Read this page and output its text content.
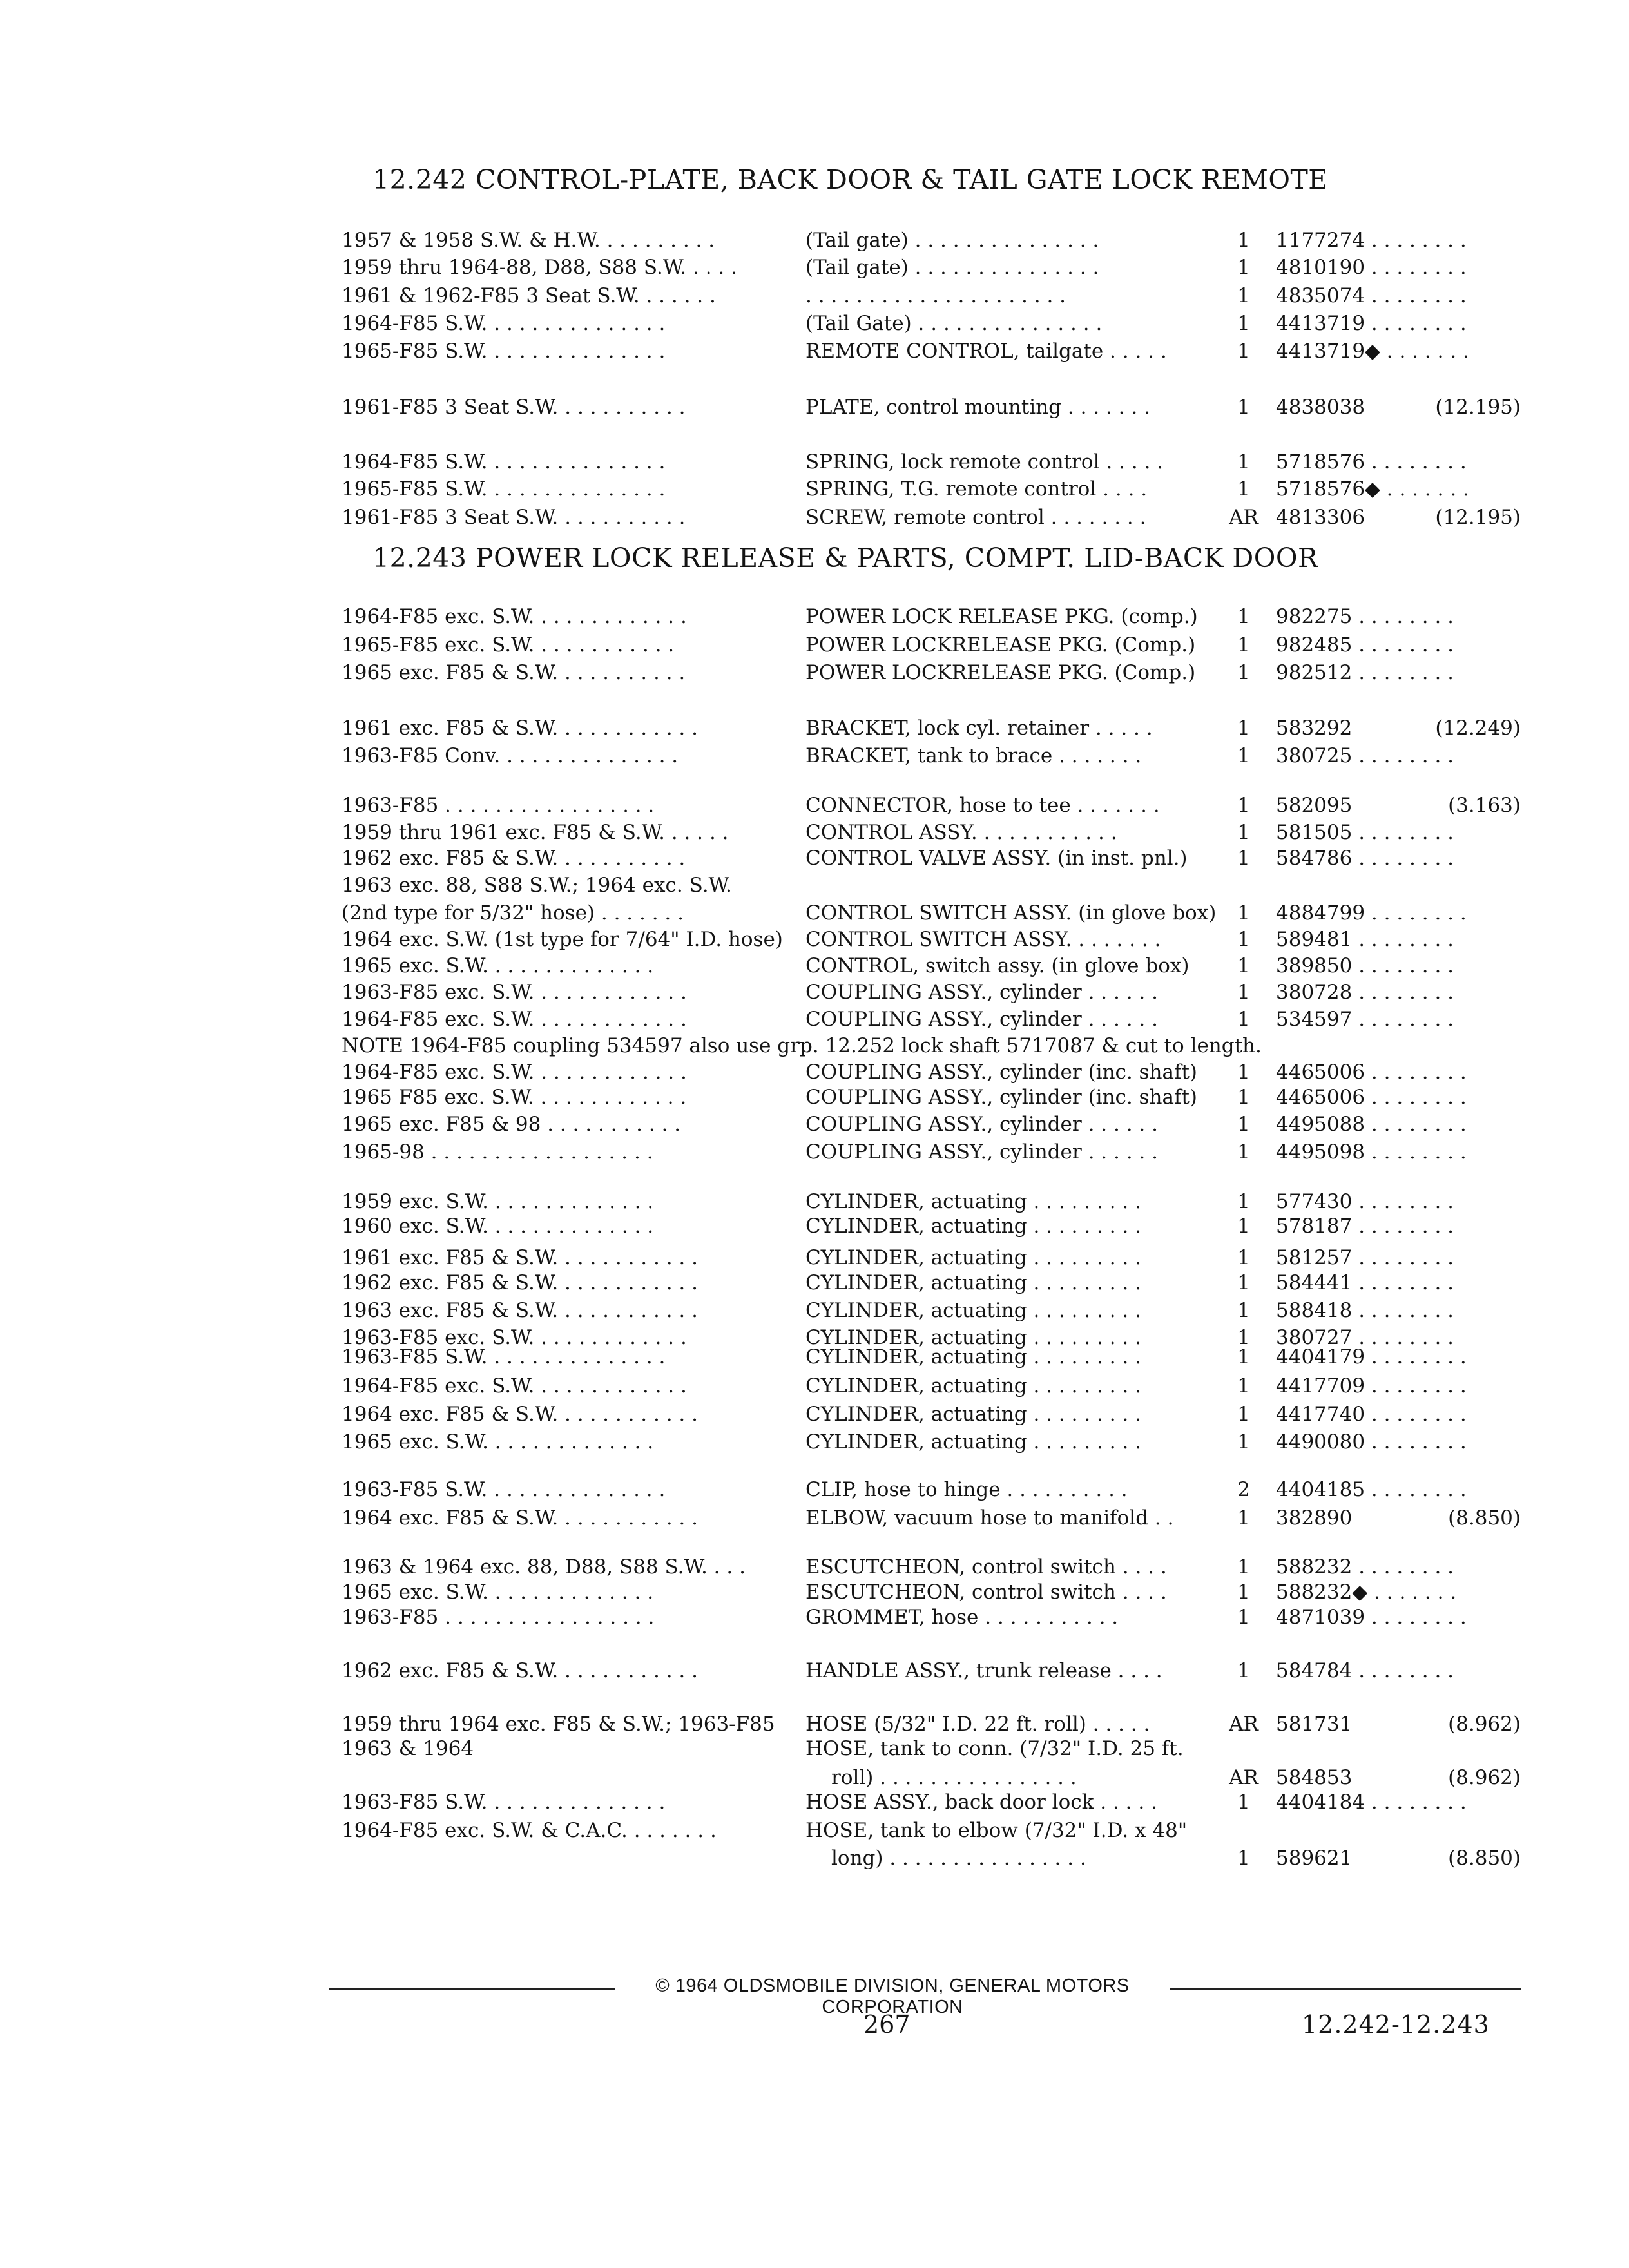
12.242 CONTROL-PLATE, BACK DOOR & TAIL GATE LOCK REMOTE
1957 & 1958 S.W. & H.W. . . . . . . . . .	(Tail gate) . . . . . . . . . . . . . . .	1	1177274 . . . . . . . .
1959 thru 1964-88, D88, S88 S.W. . . . .	(Tail gate) . . . . . . . . . . . . . . .	1	4810190 . . . . . . . .
1961 & 1962-F85 3 Seat S.W. . . . . . .	. . . . . . . . . . . . . . . . . . . . .	1	4835074 . . . . . . . .
1964-F85 S.W. . . . . . . . . . . . . . .	(Tail Gate) . . . . . . . . . . . . . . .	1	4413719 . . . . . . . .
1965-F85 S.W. . . . . . . . . . . . . . .	REMOTE CONTROL, tailgate . . . . .	1	4413719◆ . . . . . . .
1961-F85 3 Seat S.W. . . . . . . . . . .	PLATE, control mounting . . . . . . .	1	4838038	(12.195)
1964-F85 S.W. . . . . . . . . . . . . . .	SPRING, lock remote control . . . . .	1	5718576 . . . . . . . .
1965-F85 S.W. . . . . . . . . . . . . . .	SPRING, T.G. remote control . . . .	1	5718576◆ . . . . . . .
1961-F85 3 Seat S.W. . . . . . . . . . .	SCREW, remote control . . . . . . . .	AR 4813306	(12.195)
12.243 POWER LOCK RELEASE & PARTS, COMPT. LID-BACK DOOR
1964-F85 exc. S.W. . . . . . . . . . . . .	POWER LOCK RELEASE PKG. (comp.)	1	982275 . . . . . . . .
1965-F85 exc. S.W. . . . . . . . . . . .	POWER LOCKRELEASE PKG. (Comp.)	1	982485 . . . . . . . .
1965 exc. F85 & S.W. . . . . . . . . . .	POWER LOCKRELEASE PKG. (Comp.)	1	982512 . . . . . . . .
1961 exc. F85 & S.W. . . . . . . . . . . .	BRACKET, lock cyl. retainer . . . . .	1	583292	(12.249)
1963-F85 Conv. . . . . . . . . . . . . . .	BRACKET, tank to brace . . . . . . .	1	380725 . . . . . . . .
1963-F85 . . . . . . . . . . . . . . . . .	CONNECTOR, hose to tee . . . . . . .	1	582095	(3.163)
1959 thru 1961 exc. F85 & S.W. . . . . .	CONTROL ASSY. . . . . . . . . . . .	1	581505 . . . . . . . .
1962 exc. F85 & S.W. . . . . . . . . . .	CONTROL VALVE ASSY. (in inst. pnl.)	1	584786 . . . . . . . .
1963 exc. 88, S88 S.W.; 1964 exc. S.W.
(2nd type for 5/32" hose) . . . . . . .	CONTROL SWITCH ASSY. (in glove box)	1	4884799 . . . . . . . .
1964 exc. S.W. (1st type for 7/64" I.D. hose)	CONTROL SWITCH ASSY. . . . . . . .	1	589481 . . . . . . . .
1965 exc. S.W. . . . . . . . . . . . . .	CONTROL, switch assy. (in glove box)	1	389850 . . . . . . . .
1963-F85 exc. S.W. . . . . . . . . . . . .	COUPLING ASSY., cylinder . . . . . .	1	380728 . . . . . . . .
1964-F85 exc. S.W. . . . . . . . . . . . .	COUPLING ASSY., cylinder . . . . . .	1	534597 . . . . . . . .
NOTE 1964-F85 coupling 534597 also use grp. 12.252 lock shaft 5717087 & cut to length.
1964-F85 exc. S.W. . . . . . . . . . . . .	COUPLING ASSY., cylinder (inc. shaft)	1	4465006 . . . . . . . .
1965 F85 exc. S.W. . . . . . . . . . . . .	COUPLING ASSY., cylinder (inc. shaft)	1	4465006 . . . . . . . .
1965 exc. F85 & 98 . . . . . . . . . . .	COUPLING ASSY., cylinder . . . . . .	1	4495088 . . . . . . . .
1965-98 . . . . . . . . . . . . . . . . . .	COUPLING ASSY., cylinder . . . . . .	1	4495098 . . . . . . . .
1959 exc. S.W. . . . . . . . . . . . . .	CYLINDER, actuating . . . . . . . . .	1	577430 . . . . . . . .
1960 exc. S.W. . . . . . . . . . . . . .	CYLINDER, actuating . . . . . . . . .	1	578187 . . . . . . . .
1961 exc. F85 & S.W. . . . . . . . . . . .	CYLINDER, actuating . . . . . . . . .	1	581257 . . . . . . . .
1962 exc. F85 & S.W. . . . . . . . . . . .	CYLINDER, actuating . . . . . . . . .	1	584441 . . . . . . . .
1963 exc. F85 & S.W. . . . . . . . . . . .	CYLINDER, actuating . . . . . . . . .	1	588418 . . . . . . . .
1963-F85 exc. S.W. . . . . . . . . . . . .	CYLINDER, actuating . . . . . . . . .	1	380727 . . . . . . . .
1963-F85 S.W. . . . . . . . . . . . . . .	CYLINDER, actuating . . . . . . . . .	1	4404179 . . . . . . . .
1964-F85 exc. S.W. . . . . . . . . . . . .	CYLINDER, actuating . . . . . . . . .	1	4417709 . . . . . . . .
1964 exc. F85 & S.W. . . . . . . . . . . .	CYLINDER, actuating . . . . . . . . .	1	4417740 . . . . . . . .
1965 exc. S.W. . . . . . . . . . . . . .	CYLINDER, actuating . . . . . . . . .	1	4490080 . . . . . . . .
1963-F85 S.W. . . . . . . . . . . . . . .	CLIP, hose to hinge . . . . . . . . . .	2	4404185 . . . . . . . .
1964 exc. F85 & S.W. . . . . . . . . . . .	ELBOW, vacuum hose to manifold . .	1	382890	(8.850)
1963 & 1964 exc. 88, D88, S88 S.W. . . .	ESCUTCHEON, control switch . . . .	1	588232 . . . . . . . .
1965 exc. S.W. . . . . . . . . . . . . .	ESCUTCHEON, control switch . . . .	1	588232◆ . . . . . . .
1963-F85 . . . . . . . . . . . . . . . . .	GROMMET, hose . . . . . . . . . . .	1	4871039 . . . . . . . .
1962 exc. F85 & S.W. . . . . . . . . . . .	HANDLE ASSY., trunk release . . . .	1	584784 . . . . . . . .
1959 thru 1964 exc. F85 & S.W.; 1963-F85	HOSE (5/32" I.D. 22 ft. roll) . . . . .	AR 581731	(8.962)
1963 & 1964	HOSE, tank to conn. (7/32" I.D. 25 ft.
roll) . . . . . . . . . . . . . . . .	AR 584853	(8.962)
1963-F85 S.W. . . . . . . . . . . . . . .	HOSE ASSY., back door lock . . . . .	1	4404184 . . . . . . . .
1964-F85 exc. S.W. & C.A.C. . . . . . . .	HOSE, tank to elbow (7/32" I.D. x 48"
long) . . . . . . . . . . . . . . . .	1	589621	(8.850)
© 1964 OLDSMOBILE DIVISION, GENERAL MOTORS CORPORATION
267	12.242-12.243
